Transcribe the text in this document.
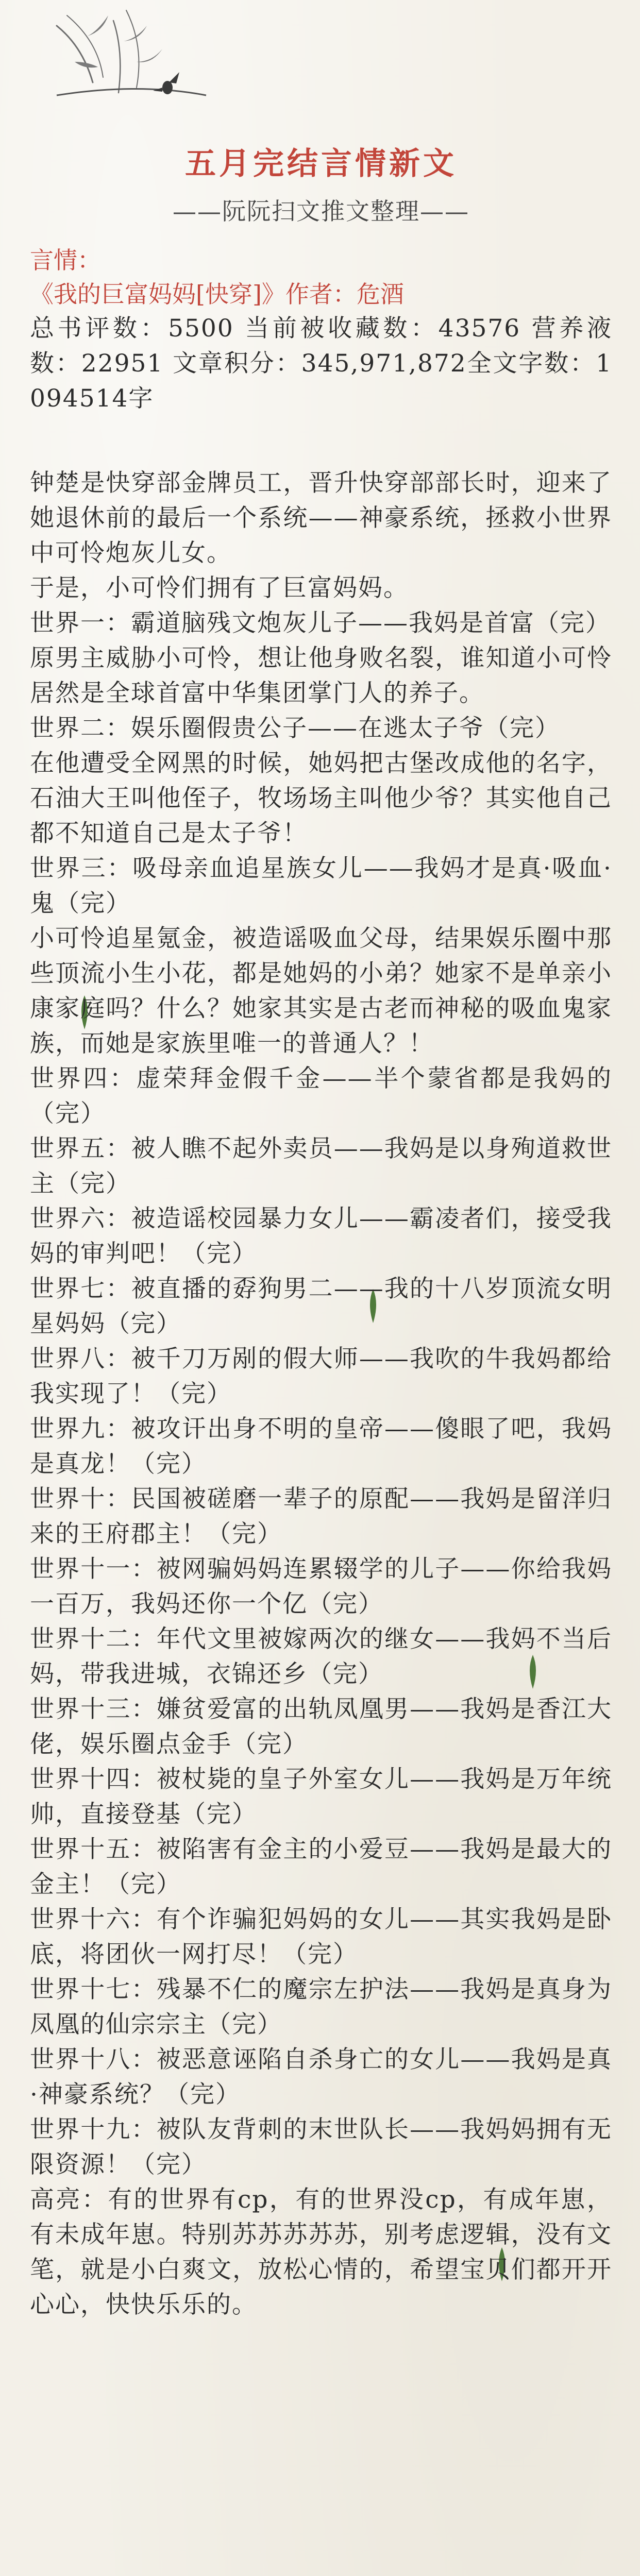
五月完结言情新文

——阮阮扫文推文整理——

言情：

《我的巨富妈妈[快穿]》作者：危酒

总书评数：5500 当前被收藏数：43576 营养液数：22951 文章积分：345,971,872全文字数：1094514字

钟楚是快穿部金牌员工，晋升快穿部部长时，迎来了她退休前的最后一个系统——神豪系统，拯救小世界中可怜炮灰儿女。

于是，小可怜们拥有了巨富妈妈。

世界一：霸道脑残文炮灰儿子——我妈是首富（完）

原男主威胁小可怜，想让他身败名裂，谁知道小可怜居然是全球首富中华集团掌门人的养子。

世界二：娱乐圈假贵公子——在逃太子爷（完）

在他遭受全网黑的时候，她妈把古堡改成他的名字，石油大王叫他侄子，牧场场主叫他少爷？其实他自己都不知道自己是太子爷！

世界三：吸母亲血追星族女儿——我妈才是真·吸血·鬼（完）

小可怜追星氪金，被造谣吸血父母，结果娱乐圈中那些顶流小生小花，都是她妈的小弟？她家不是单亲小康家庭吗？什么？她家其实是古老而神秘的吸血鬼家族，而她是家族里唯一的普通人？！

世界四：虚荣拜金假千金——半个蒙省都是我妈的（完）

世界五：被人瞧不起外卖员——我妈是以身殉道救世主（完）

世界六：被造谣校园暴力女儿——霸凌者们，接受我妈的审判吧！（完）

世界七：被直播的孬狗男二——我的十八岁顶流女明星妈妈（完）

世界八：被千刀万剐的假大师——我吹的牛我妈都给我实现了！（完）

世界九：被攻讦出身不明的皇帝——傻眼了吧，我妈是真龙！（完）

世界十：民国被磋磨一辈子的原配——我妈是留洋归来的王府郡主！（完）

世界十一：被网骗妈妈连累辍学的儿子——你给我妈一百万，我妈还你一个亿（完）

世界十二：年代文里被嫁两次的继女——我妈不当后妈，带我进城，衣锦还乡（完）

世界十三：嫌贫爱富的出轨凤凰男——我妈是香江大佬，娱乐圈点金手（完）

世界十四：被杖毙的皇子外室女儿——我妈是万年统帅，直接登基（完）

世界十五：被陷害有金主的小爱豆——我妈是最大的金主！（完）

世界十六：有个诈骗犯妈妈的女儿——其实我妈是卧底，将团伙一网打尽！（完）

世界十七：残暴不仁的魔宗左护法——我妈是真身为凤凰的仙宗宗主（完）

世界十八：被恶意诬陷自杀身亡的女儿——我妈是真·神豪系统？（完）

世界十九：被队友背刺的末世队长——我妈妈拥有无限资源！（完）

高亮：有的世界有cp，有的世界没cp，有成年崽，有未成年崽。特别苏苏苏苏苏，别考虑逻辑，没有文笔，就是小白爽文，放松心情的，希望宝贝们都开开心心，快快乐乐的。
